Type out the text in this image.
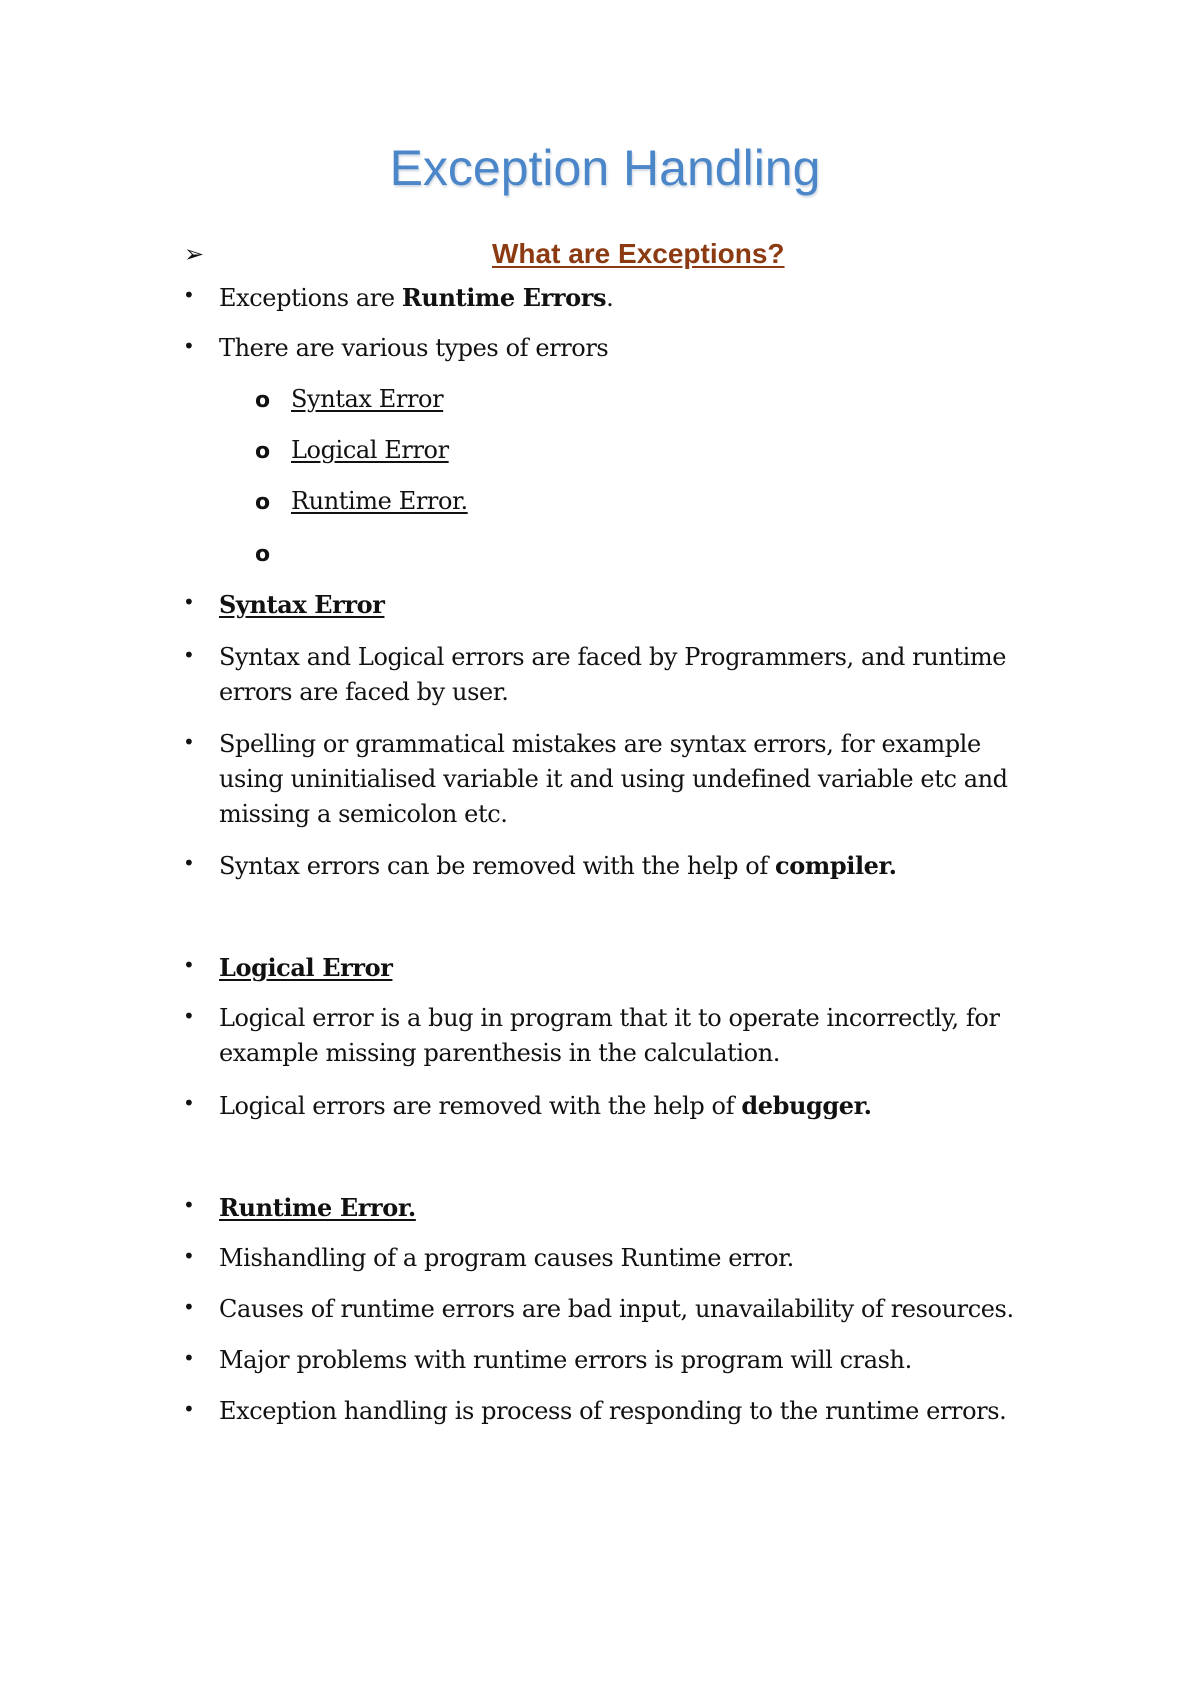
Exception Handling
➢	What are Exceptions?
• Exceptions are Runtime Errors.
• There are various types of errors
o Syntax Error
o Logical Error
o Runtime Error.
o
• Syntax Error
• Syntax and Logical errors are faced by Programmers, and runtime
errors are faced by user.
• Spelling or grammatical mistakes are syntax errors, for example
using uninitialised variable it and using undefined variable etc and
missing a semicolon etc.
• Syntax errors can be removed with the help of compiler.
• Logical Error
• Logical error is a bug in program that it to operate incorrectly, for
example missing parenthesis in the calculation.
• Logical errors are removed with the help of debugger.
• Runtime Error.
• Mishandling of a program causes Runtime error.
• Causes of runtime errors are bad input, unavailability of resources.
• Major problems with runtime errors is program will crash.
• Exception handling is process of responding to the runtime errors.
